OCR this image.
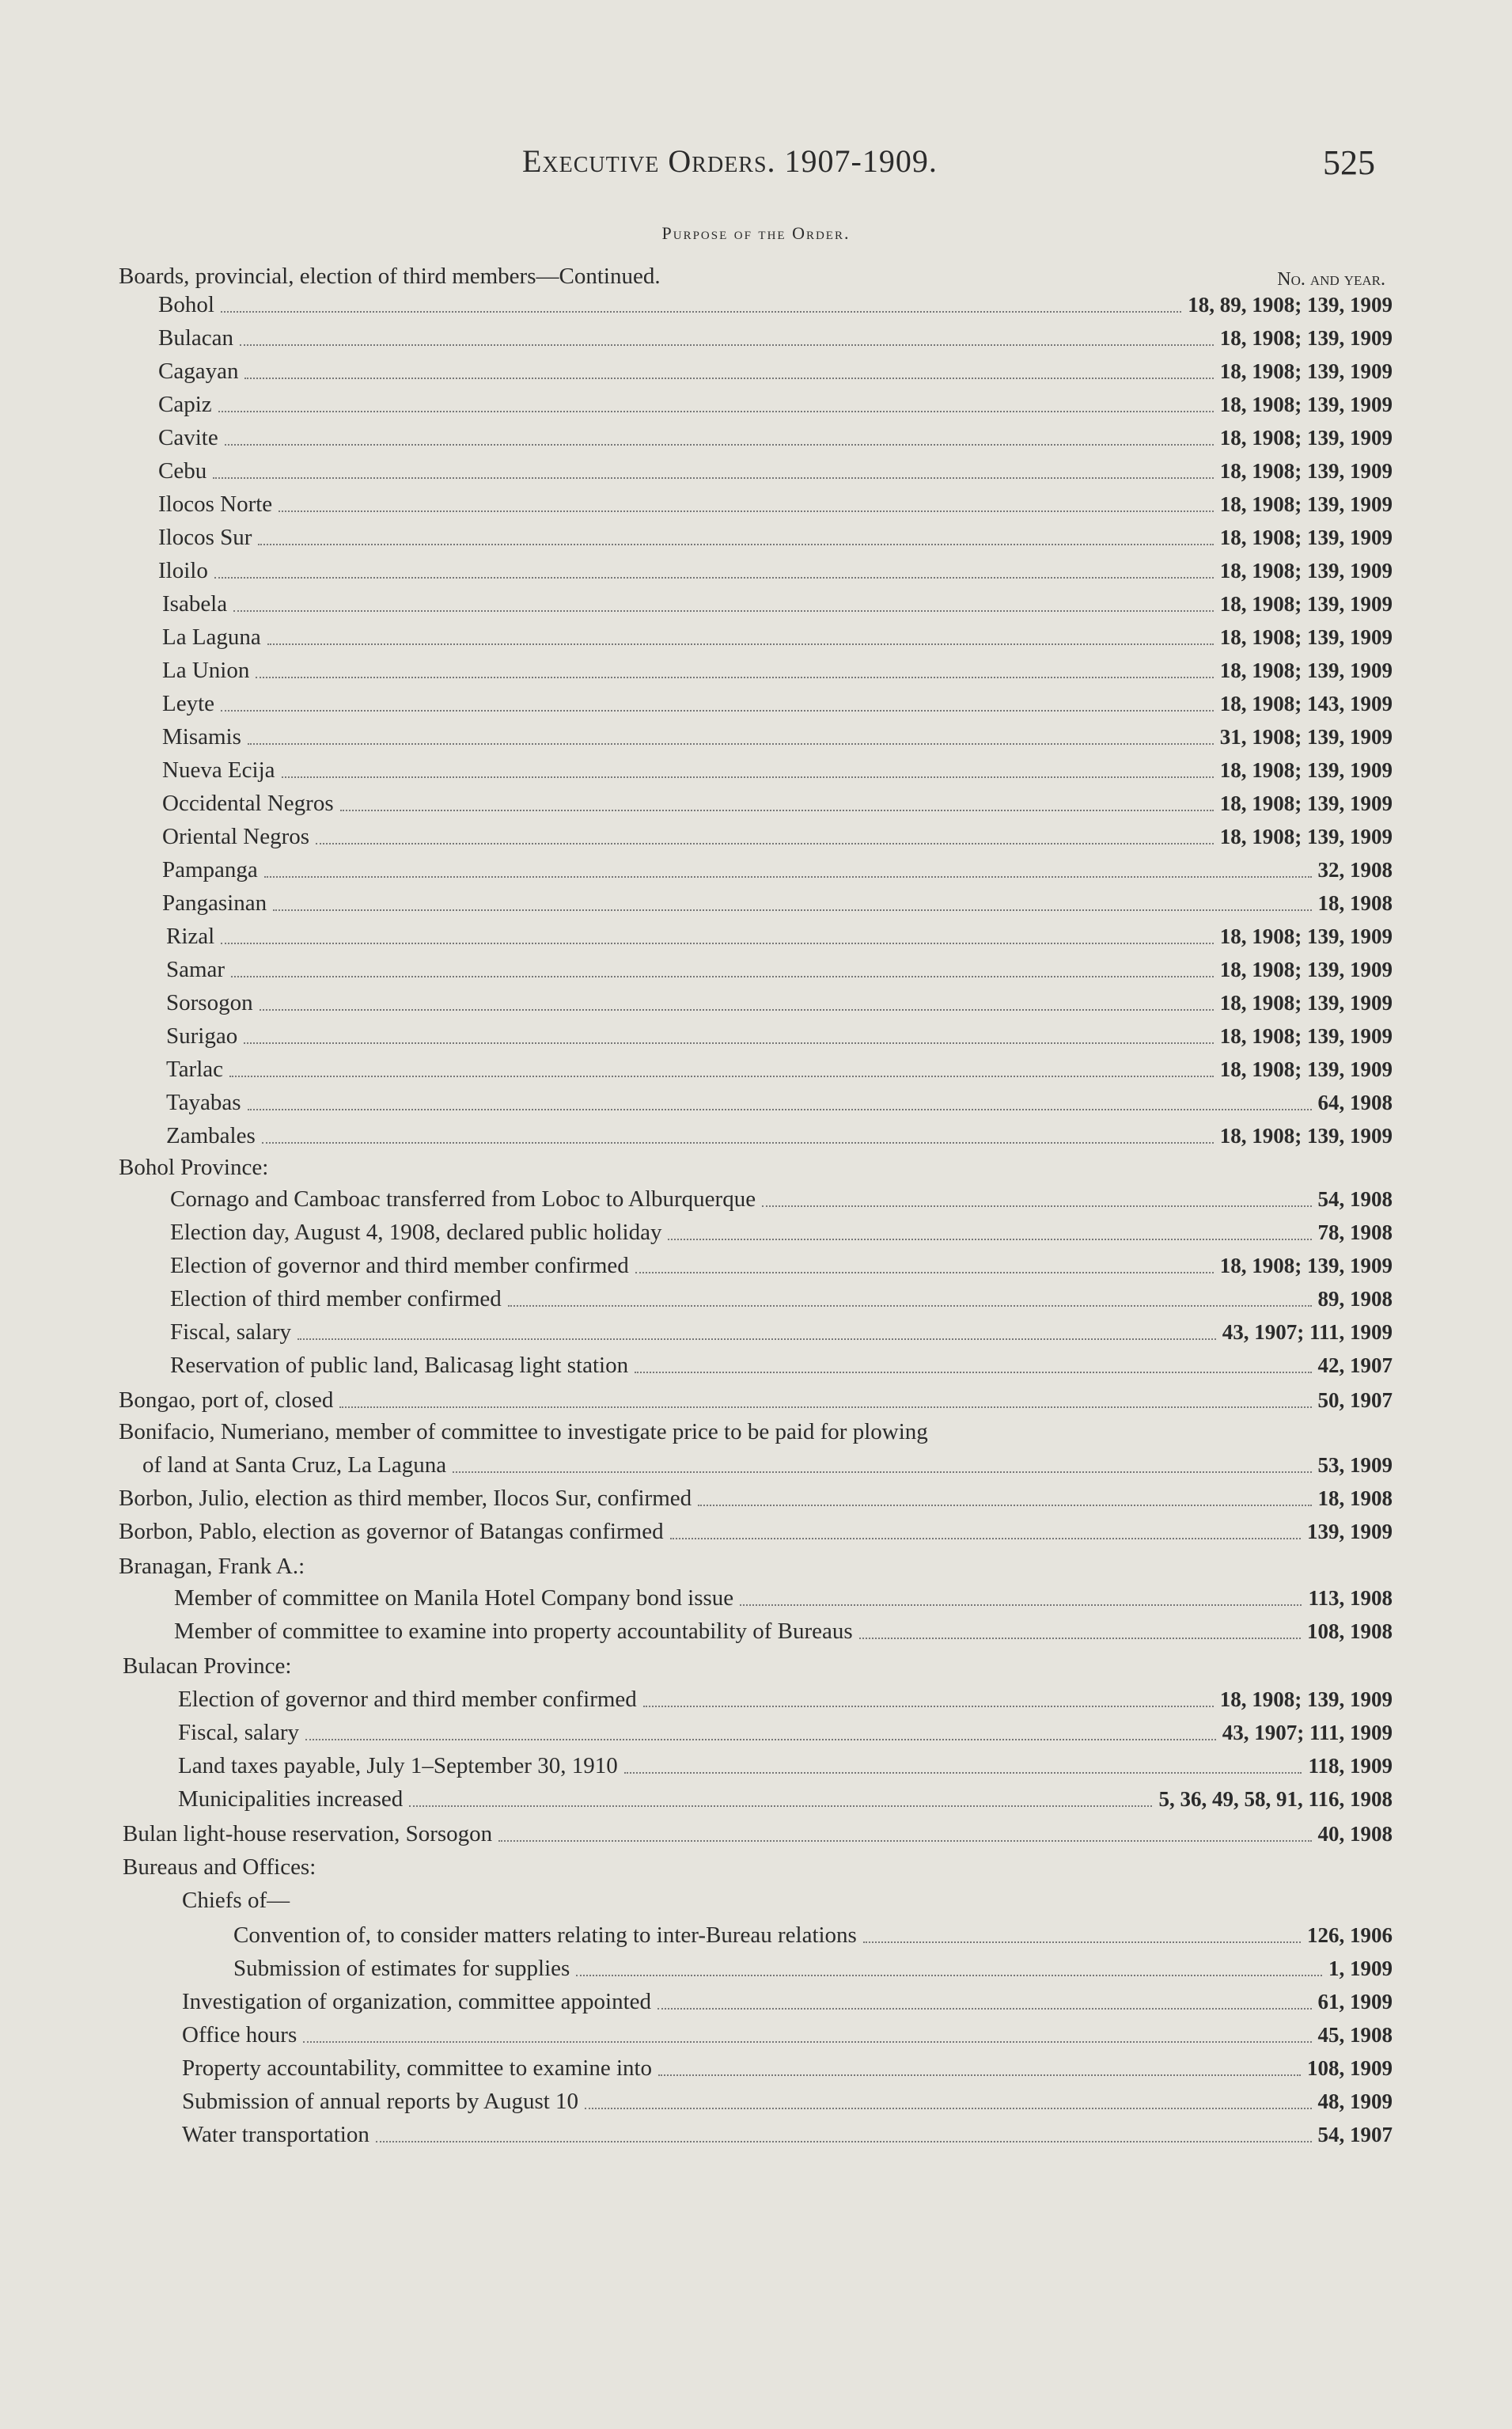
Executive Orders. 1907-1909.	525
Purpose of the Order.
No. and year.
Boards, provincial, election of third members—Continued.
Bohol	18, 89, 1908; 139, 1909
Bulacan	18, 1908; 139, 1909
Cagayan	18, 1908; 139, 1909
Capiz	18, 1908; 139, 1909
Cavite	18, 1908; 139, 1909
Cebu	18, 1908; 139, 1909
Ilocos Norte	18, 1908; 139, 1909
Ilocos Sur	18, 1908; 139, 1909
Iloilo	18, 1908; 139, 1909
Isabela	18, 1908; 139, 1909
La Laguna	18, 1908; 139, 1909
La Union	18, 1908; 139, 1909
Leyte	18, 1908; 143, 1909
Misamis	31, 1908; 139, 1909
Nueva Ecija	18, 1908; 139, 1909
Occidental Negros	18, 1908; 139, 1909
Oriental Negros	18, 1908; 139, 1909
Pampanga	32, 1908
Pangasinan	18, 1908
Rizal	18, 1908; 139, 1909
Samar	18, 1908; 139, 1909
Sorsogon	18, 1908; 139, 1909
Surigao	18, 1908; 139, 1909
Tarlac	18, 1908; 139, 1909
Tayabas	64, 1908
Zambales	18, 1908; 139, 1909
Bohol Province:
Cornago and Camboac transferred from Loboc to Alburquerque	54, 1908
Election day, August 4, 1908, declared public holiday	78, 1908
Election of governor and third member confirmed	18, 1908; 139, 1909
Election of third member confirmed	89, 1908
Fiscal, salary	43, 1907; 111, 1909
Reservation of public land, Balicasag light station	42, 1907
Bongao, port of, closed	50, 1907
Bonifacio, Numeriano, member of committee to investigate price to be paid for plowing
of land at Santa Cruz, La Laguna	53, 1909
Borbon, Julio, election as third member, Ilocos Sur, confirmed	18, 1908
Borbon, Pablo, election as governor of Batangas confirmed	139, 1909
Branagan, Frank A.:
Member of committee on Manila Hotel Company bond issue	113, 1908
Member of committee to examine into property accountability of Bureaus	108, 1908
Bulacan Province:
Election of governor and third member confirmed	18, 1908; 139, 1909
Fiscal, salary	43, 1907; 111, 1909
Land taxes payable, July 1–September 30, 1910	118, 1909
Municipalities increased	5, 36, 49, 58, 91, 116, 1908
Bulan light-house reservation, Sorsogon	40, 1908
Bureaus and Offices:
Chiefs of—
Convention of, to consider matters relating to inter-Bureau relations	126, 1906
Submission of estimates for supplies	1, 1909
Investigation of organization, committee appointed	61, 1909
Office hours	45, 1908
Property accountability, committee to examine into	108, 1909
Submission of annual reports by August 10	48, 1909
Water transportation	54, 1907
